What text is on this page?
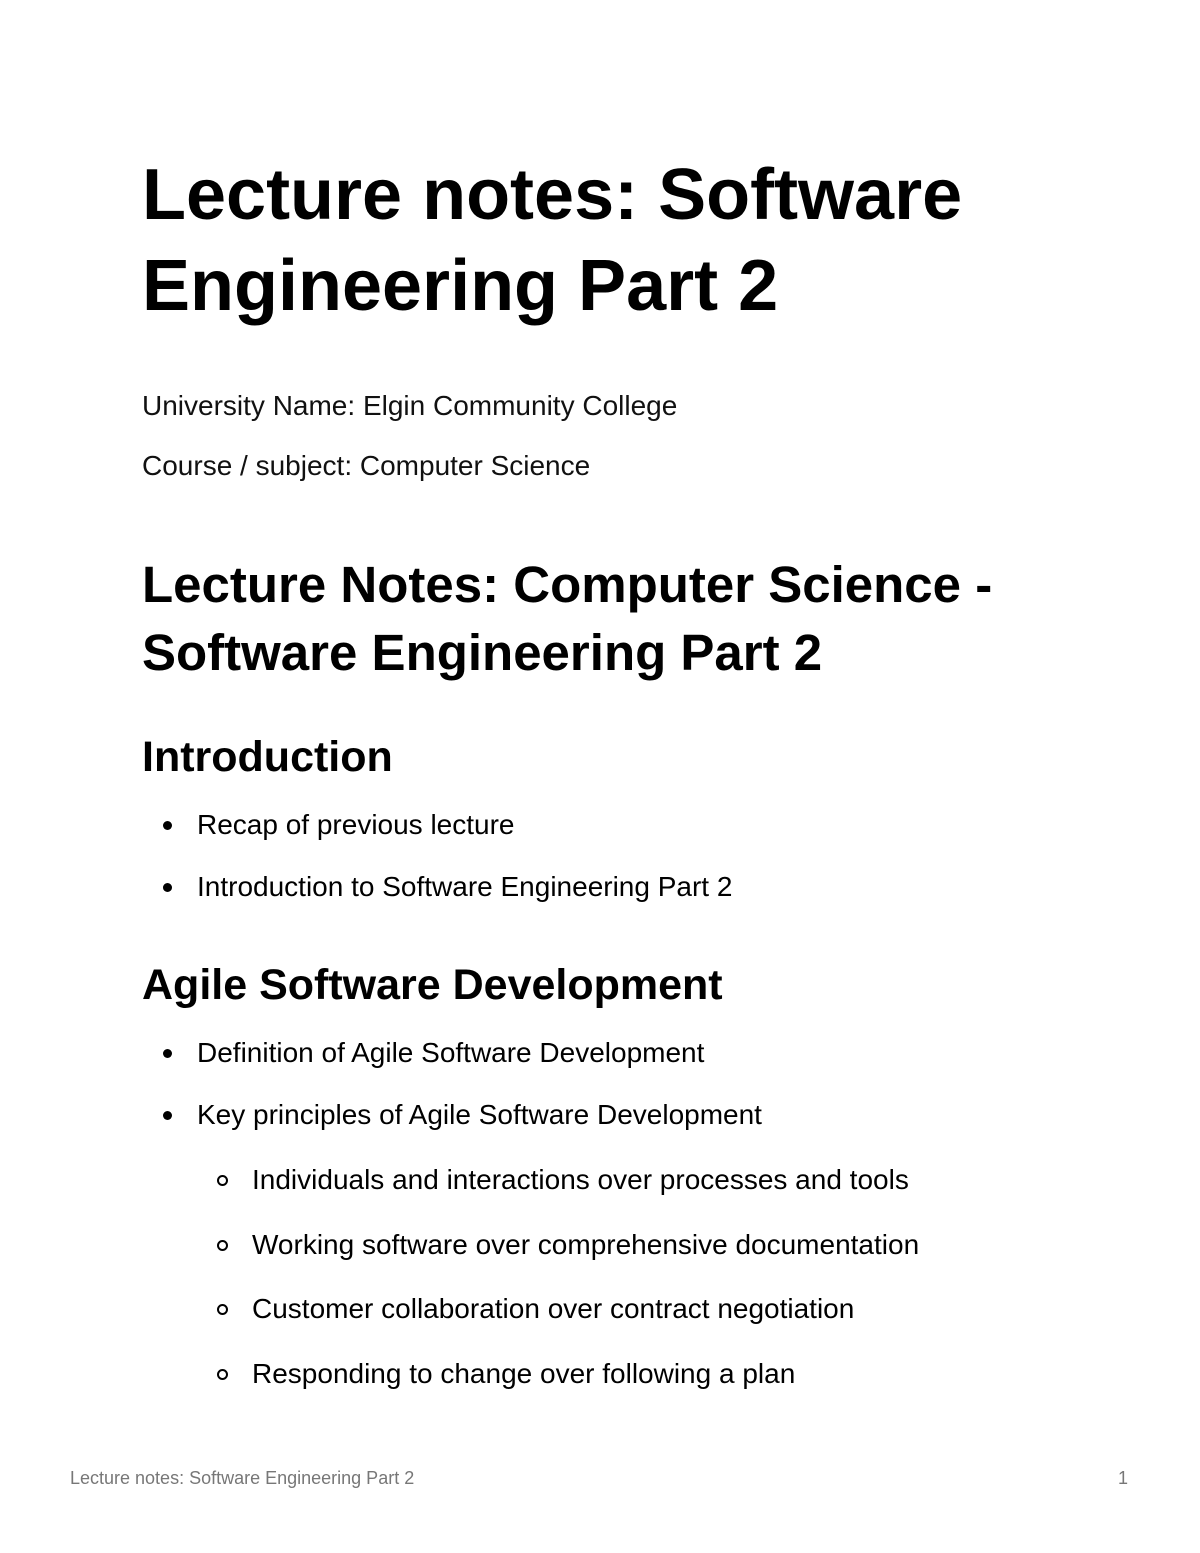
Lecture notes: Software Engineering Part 2

University Name: Elgin Community College

Course / subject: Computer Science

Lecture Notes: Computer Science - Software Engineering Part 2
Introduction
Recap of previous lecture
Introduction to Software Engineering Part 2
Agile Software Development
Definition of Agile Software Development
Key principles of Agile Software Development
Individuals and interactions over processes and tools
Working software over comprehensive documentation
Customer collaboration over contract negotiation
Responding to change over following a plan
Lecture notes: Software Engineering Part 2	1
